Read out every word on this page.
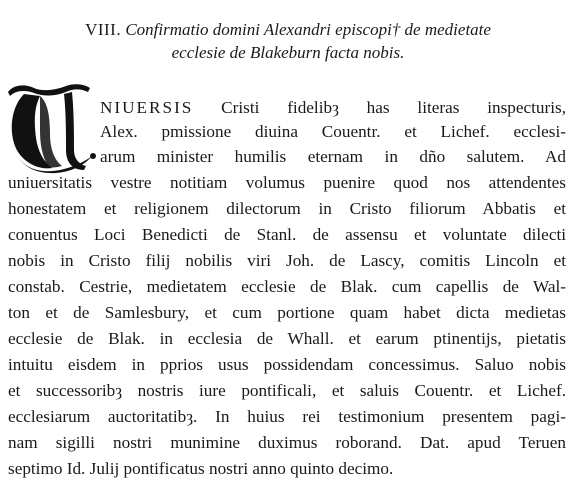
VIII. Confirmatio domini Alexandri episcopi† de medietate
ecclesie de Blakeburn facta nobis.
NIUERSIS Cristi fidelibȝ has literas inspecturis,
Alex. pmissione diuina Couentr. et Lichef. ecclesi-
arum minister humilis eternam in dño salutem. Ad
uniuersitatis vestre notitiam volumus puenire quod nos attendentes
honestatem et religionem dilectorum in Cristo filiorum Abbatis et
conuentus Loci Benedicti de Stanl. de assensu et voluntate dilecti
nobis in Cristo filij nobilis viri Joh. de Lascy, comitis Lincoln et
constab. Cestrie, medietatem ecclesie de Blak. cum capellis de Wal-
ton et de Samlesbury, et cum portione quam habet dicta medietas
ecclesie de Blak. in ecclesia de Whall. et earum ptinentijs, pietatis
intuitu eisdem in pprios usus possidendam concessimus. Saluo nobis
et successoribȝ nostris iure pontificali, et saluis Couentr. et Lichef.
ecclesiarum auctoritatibȝ. In huius rei testimonium presentem pagi-
nam sigilli nostri munimine duximus roborand. Dat. apud Teruen
septimo Id. Julij pontificatus nostri anno quinto decimo.
